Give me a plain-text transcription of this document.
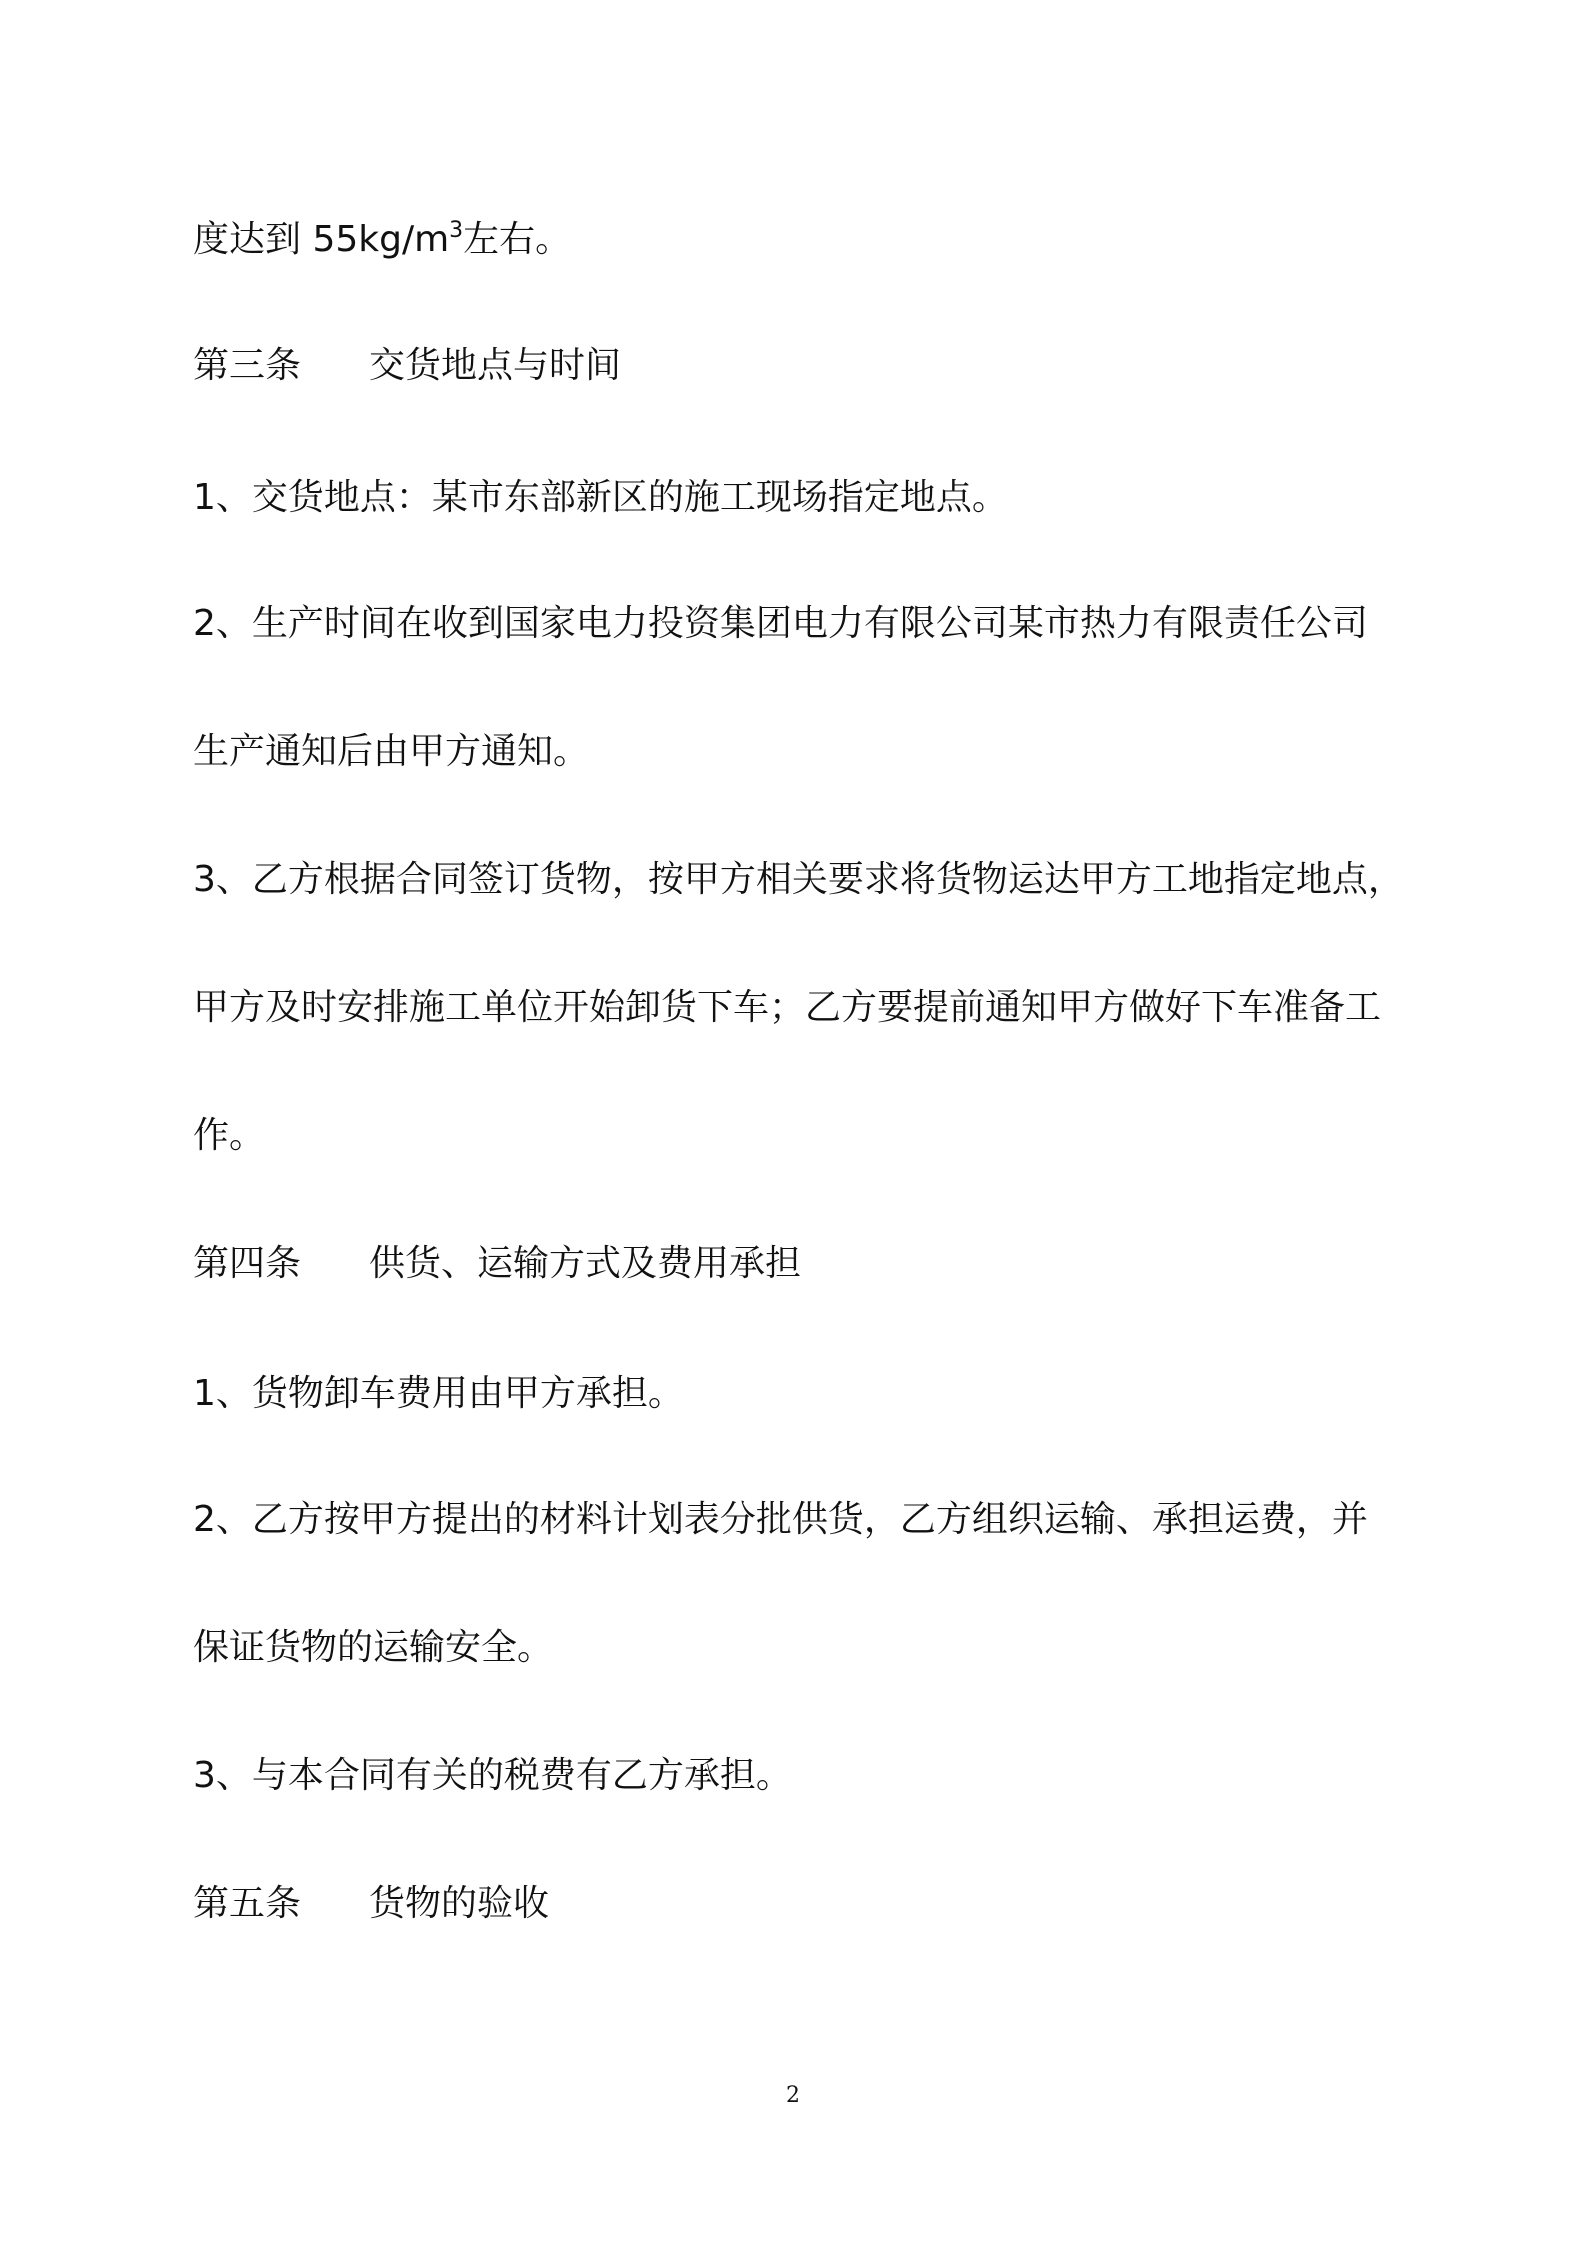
度达到 $55kg/m^3$左右。
第三条 交货地点与时间
1、交货地点：某市东部新区的施工现场指定地点。
2、生产时间在收到国家电力投资集团电力有限公司某市热力有限责任公司
生产通知后由甲方通知。
3、乙方根据合同签订货物，按甲方相关要求将货物运达甲方工地指定地点，
甲方及时安排施工单位开始卸货下车；乙方要提前通知甲方做好下车准备工
作。
第四条 供货、运输方式及费用承担
1、货物卸车费用由甲方承担。
2、乙方按甲方提出的材料计划表分批供货，乙方组织运输、承担运费，并
保证货物的运输安全。
3、与本合同有关的税费有乙方承担。
第五条 货物的验收
2
